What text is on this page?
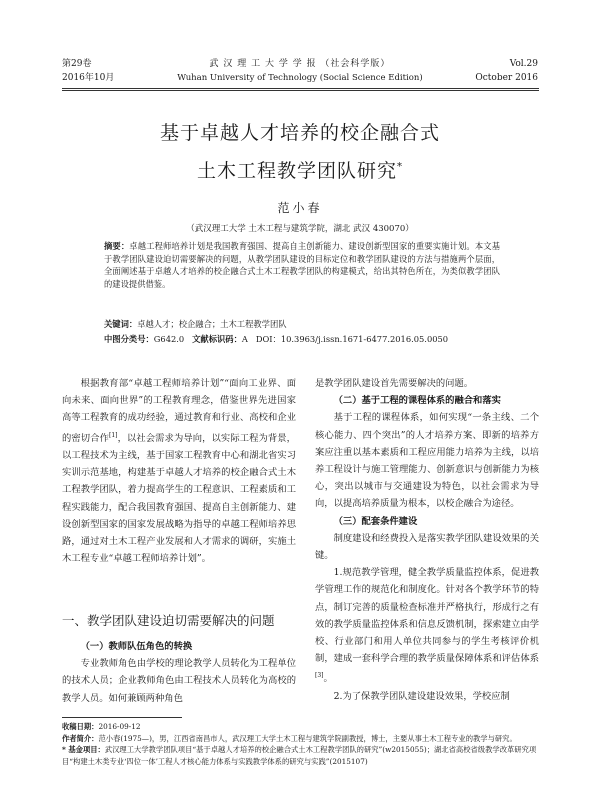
第29卷
2016年10月
武 汉 理 工 大 学 学 报 （社会科学版）
Wuhan University of Technology (Social Science Edition)
Vol.29
October 2016
基于卓越人才培养的校企融合式
土木工程教学团队研究*
范小春
（武汉理工大学 土木工程与建筑学院，湖北 武汉 430070）
摘要：卓越工程师培养计划是我国教育强国、提高自主创新能力、建设创新型国家的重要实施计划。本文基于教学团队建设迫切需要解决的问题，从教学团队建设的目标定位和教学团队建设的方法与措施两个层面，全面阐述基于卓越人才培养的校企融合式土木工程教学团队的构建模式，给出其特色所在，为类似教学团队的建设提供借鉴。
关键词：卓越人才；校企融合；土木工程教学团队
中图分类号：G642.0 文献标识码：A DOI：10.3963/j.issn.1671-6477.2016.05.0050

根据教育部“卓越工程师培养计划”“面向工业界、面向未来、面向世界”的工程教育理念，借鉴世界先进国家高等工程教育的成功经验，通过教育和行业、高校和企业的密切合作[1]，以社会需求为导向，以实际工程为背景，以工程技术为主线，基于国家工程教育中心和湖北省实习实训示范基地，构建基于卓越人才培养的校企融合式土木工程教学团队，着力提高学生的工程意识、工程素质和工程实践能力，配合我国教育强国、提高自主创新能力、建设创新型国家的国家发展战略为指导的卓越工程师培养思路，通过对土木工程产业发展和人才需求的调研，实施土木工程专业“卓越工程师培养计划”。

一、教学团队建设迫切需要解决的问题

（一）教师队伍角色的转换

专业教师角色由学校的理论教学人员转化为工程单位的技术人员；企业教师角色由工程技术人员转化为高校的教学人员。如何兼顾两种角色

是教学团队建设首先需要解决的问题。

（二）基于工程的课程体系的融合和落实

基于工程的课程体系，如何实现“一条主线、二个核心能力、四个突出”的人才培养方案、即新的培养方案应注重以基本素质和工程应用能力培养为主线，以培养工程设计与施工管理能力、创新意识与创新能力为核心，突出以城市与交通建设为特色，以社会需求为导向，以提高培养质量为根本，以校企融合为途径。

（三）配套条件建设

制度建设和经费投入是落实教学团队建设效果的关键。

1.规范教学管理，健全教学质量监控体系，促进教学管理工作的规范化和制度化。针对各个教学环节的特点，制订完善的质量检查标准并严格执行，形成行之有效的教学质量监控体系和信息反馈机制，探索建立由学校、行业部门和用人单位共同参与的学生考核评价机制，建成一套科学合理的教学质量保障体系和评估体系[3]。

2.为了保教学团队建设建设效果，学校应制

收稿日期：2016-09-12
作者简介：范小春(1975—)，男，江西省南昌市人，武汉理工大学土木工程与建筑学院副教授，博士，主要从事土木工程专业的教学与研究。
* 基金项目：武汉理工大学教学团队项目“基于卓越人才培养的校企融合式土木工程教学团队的研究”(w2015055)；湖北省高校省级教学改革研究项目“构建土木类专业‘四位一体’工程人才核心能力体系与实践教学体系的研究与实践”(2015107)
